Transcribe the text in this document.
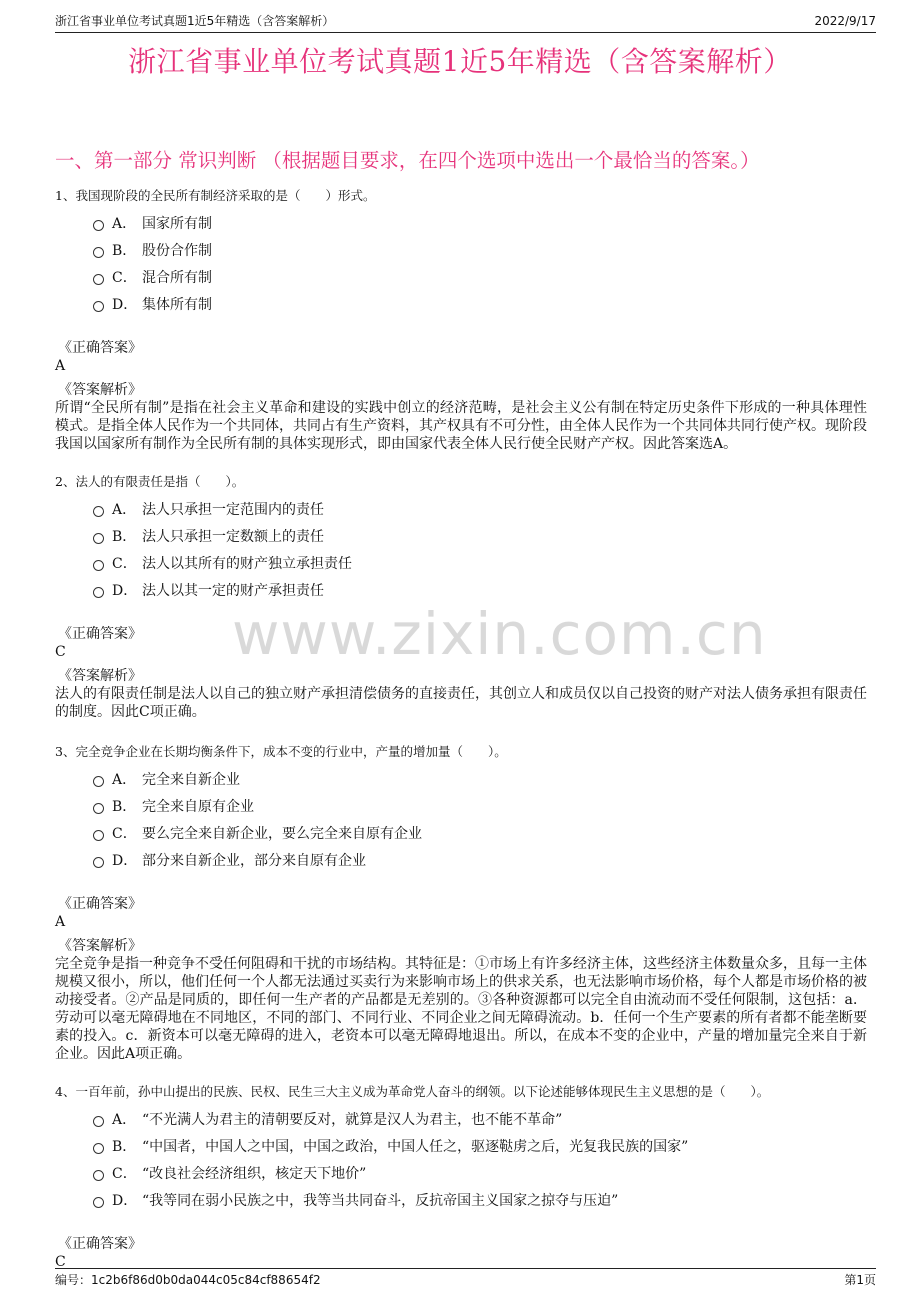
浙江省事业单位考试真题1近5年精选（含答案解析）	2022/9/17
浙江省事业单位考试真题1近5年精选（含答案解析）
一、第一部分 常识判断 （根据题目要求，在四个选项中选出一个最恰当的答案。）
www.zixin.com.cn

1、我国现阶段的全民所有制经济采取的是（　　）形式。

A． 国家所有制
B． 股份合作制
C． 混合所有制
D． 集体所有制
《正确答案》
A
《答案解析》
所谓“全民所有制”是指在社会主义革命和建设的实践中创立的经济范畴，是社会主义公有制在特定历史条件下形成的一种具体理性模式。是指全体人民作为一个共同体，共同占有生产资料，其产权具有不可分性，由全体人民作为一个共同体共同行使产权。现阶段我国以国家所有制作为全民所有制的具体实现形式，即由国家代表全体人民行使全民财产产权。因此答案选A。

2、法人的有限责任是指（　　）。

A． 法人只承担一定范围内的责任
B． 法人只承担一定数额上的责任
C． 法人以其所有的财产独立承担责任
D． 法人以其一定的财产承担责任
《正确答案》
C
《答案解析》
法人的有限责任制是法人以自己的独立财产承担清偿债务的直接责任，其创立人和成员仅以自己投资的财产对法人债务承担有限责任的制度。因此C项正确。

3、完全竞争企业在长期均衡条件下，成本不变的行业中，产量的增加量（　　）。

A． 完全来自新企业
B． 完全来自原有企业
C． 要么完全来自新企业，要么完全来自原有企业
D． 部分来自新企业，部分来自原有企业
《正确答案》
A
《答案解析》
完全竞争是指一种竞争不受任何阻碍和干扰的市场结构。其特征是：①市场上有许多经济主体，这些经济主体数量众多，且每一主体规模又很小，所以，他们任何一个人都无法通过买卖行为来影响市场上的供求关系，也无法影响市场价格，每个人都是市场价格的被动接受者。②产品是同质的，即任何一生产者的产品都是无差别的。③各种资源都可以完全自由流动而不受任何限制，这包括：a．劳动可以毫无障碍地在不同地区，不同的部门、不同行业、不同企业之间无障碍流动。b．任何一个生产要素的所有者都不能垄断要素的投入。c．新资本可以毫无障碍的进入，老资本可以毫无障碍地退出。所以，在成本不变的企业中，产量的增加量完全来自于新企业。因此A项正确。

4、一百年前，孙中山提出的民族、民权、民生三大主义成为革命党人奋斗的纲领。以下论述能够体现民生主义思想的是（　　）。

A． “不光满人为君主的清朝要反对，就算是汉人为君主，也不能不革命”
B． “中国者，中国人之中国，中国之政治，中国人任之，驱逐鞑虏之后，光复我民族的国家”
C． “改良社会经济组织，核定天下地价”
D． “我等同在弱小民族之中，我等当共同奋斗，反抗帝国主义国家之掠夺与压迫”
《正确答案》
C
编号：1c2b6f86d0b0da044c05c84cf88654f2	第1页
